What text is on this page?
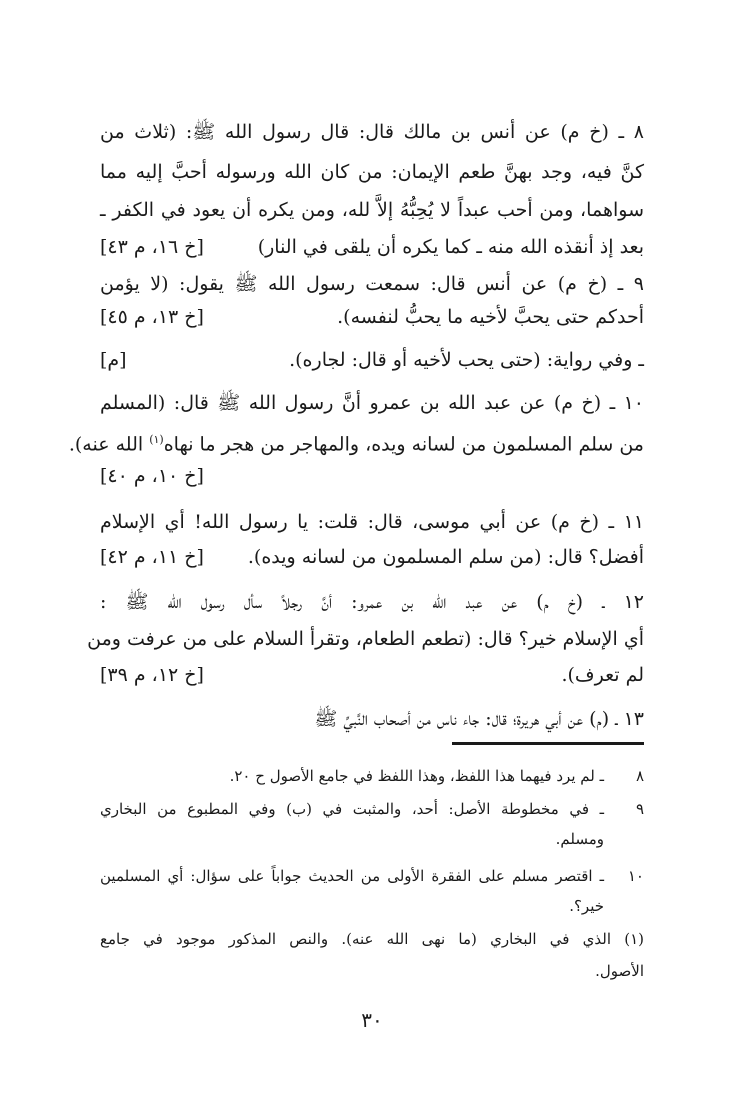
٨ ـ (خ م) عن أنس بن مالك قال: قال رسول الله ﷺ: (ثلاث من
كنَّ فيه، وجد بهنَّ طعم الإيمان: من كان الله ورسوله أحبَّ إليه مما
سواهما، ومن أحب عبداً لا يُحِبُّهُ إلاَّ لله، ومن يكره أن يعود في الكفر ـ
بعد إذ أنقذه الله منه ـ كما يكره أن يلقى في النار)
[خ ١٦، م ٤٣]
٩ ـ (خ م) عن أنس قال: سمعت رسول الله ﷺ يقول: (لا يؤمن
أحدكم حتى يحبَّ لأخيه ما يحبُّ لنفسه).
[خ ١٣، م ٤٥]
ـ وفي رواية: (حتى يحب لأخيه أو قال: لجاره).
[م]
١٠ ـ (خ م) عن عبد الله بن عمرو أنَّ رسول الله ﷺ قال: (المسلم
من سلم المسلمون من لسانه ويده، والمهاجر من هجر ما نهاه$^{(١)}$ الله عنه).
[خ ١٠، م ٤٠]
١١ ـ (خ م) عن أبي موسى، قال: قلت: يا رسول الله! أي الإسلام
أفضل؟ قال: (من سلم المسلمون من لسانه ويده).
[خ ١١، م ٤٢]
١٢ ـ (خ م) عن عبد الله بن عمرو: أنَّ رجلاً سأل رسول الله ﷺ :
أي الإسلام خير؟ قال: (تطعم الطعام، وتقرأ السلام على من عرفت ومن
لم تعرف).
[خ ١٢، م ٣٩]
١٣ ـ (م) عن أبي هريرة؛ قال: جاء ناس من أصحاب النَّبيِّ ﷺ
٨
ـ لم يرد فيهما هذا اللفظ، وهذا اللفظ في جامع الأصول ح ٢٠.
٩
ـ في مخطوطة الأصل: أحد، والمثبت في (ب) وفي المطبوع من البخاري
ومسلم.
١٠
ـ اقتصر مسلم على الفقرة الأولى من الحديث جواباً على سؤال: أي المسلمين
خير؟.
(١) الذي في البخاري (ما نهى الله عنه). والنص المذكور موجود في جامع
الأصول.
٣٠
